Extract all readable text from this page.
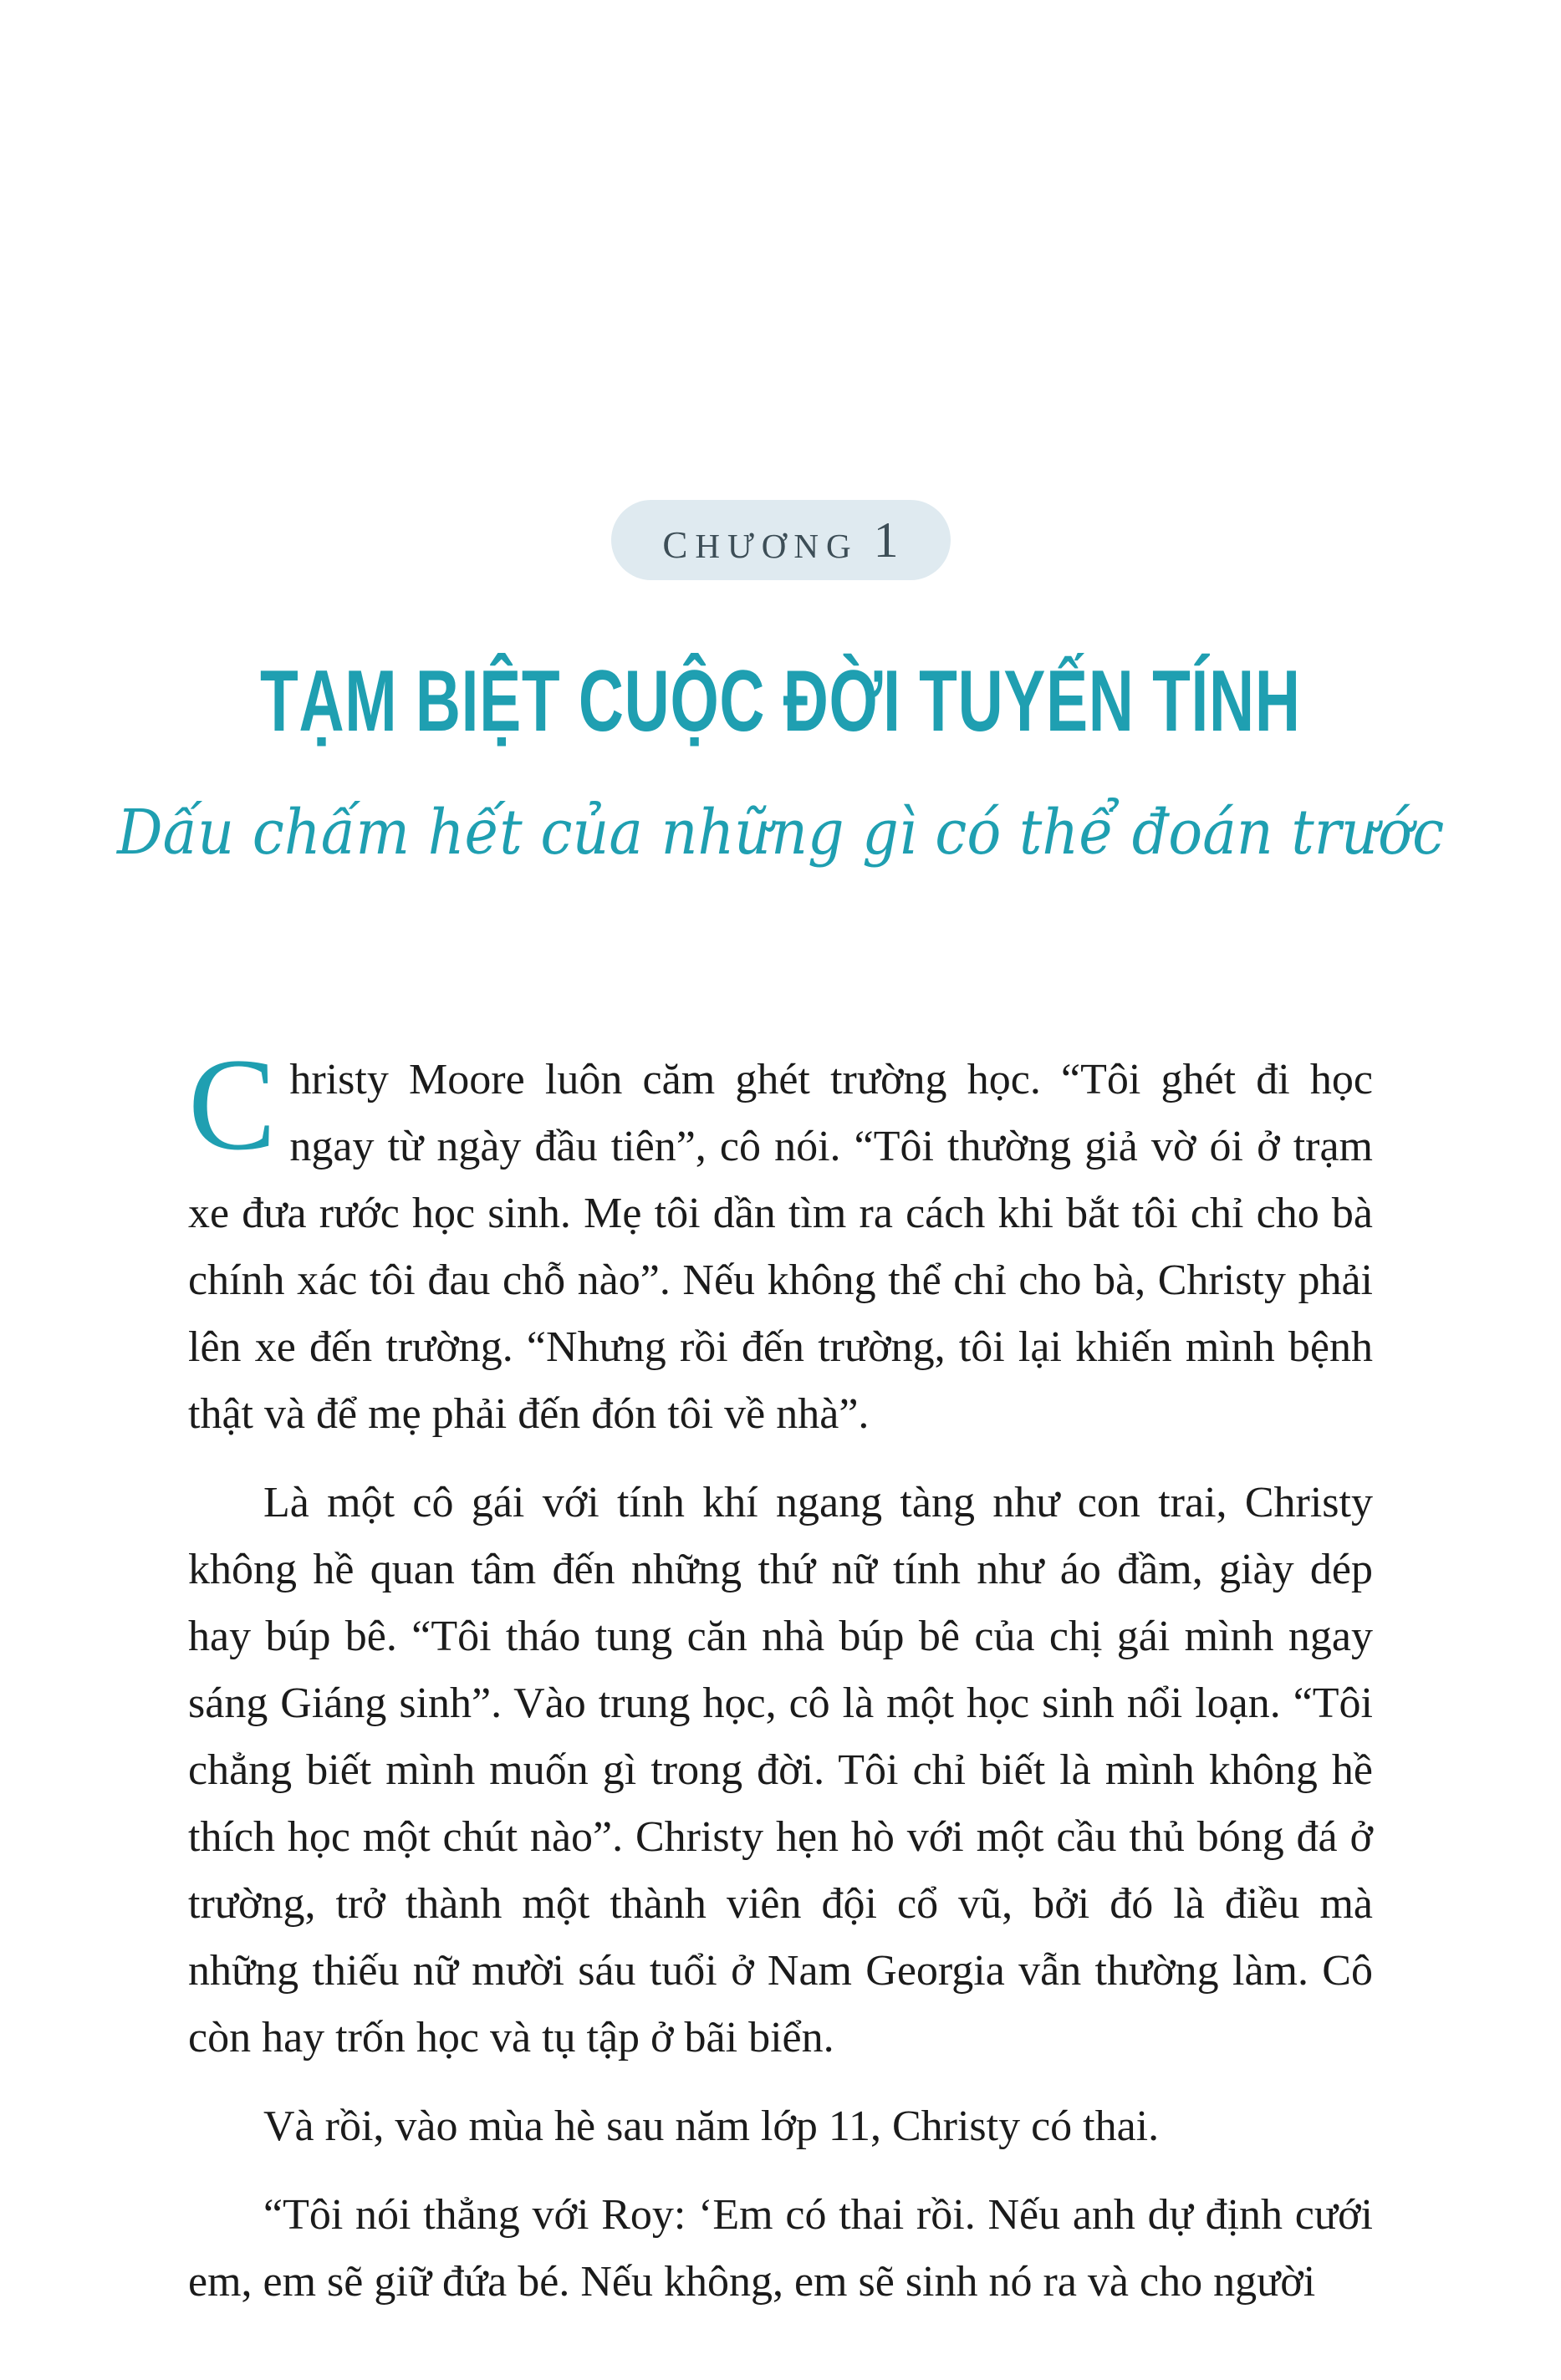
chương 1
TẠM BIỆT CUỘC ĐỜI TUYẾN TÍNH
Dấu chấm hết của những gì có thể đoán trước

Christy Moore luôn căm ghét trường học. “Tôi ghét đi học ngay từ ngày đầu tiên”, cô nói. “Tôi thường giả vờ ói ở trạm xe đưa rước học sinh. Mẹ tôi dần tìm ra cách khi bắt tôi chỉ cho bà chính xác tôi đau chỗ nào”. Nếu không thể chỉ cho bà, Christy phải lên xe đến trường. “Nhưng rồi đến trường, tôi lại khiến mình bệnh thật và để mẹ phải đến đón tôi về nhà”.

Là một cô gái với tính khí ngang tàng như con trai, Christy không hề quan tâm đến những thứ nữ tính như áo đầm, giày dép hay búp bê. “Tôi tháo tung căn nhà búp bê của chị gái mình ngay sáng Giáng sinh”. Vào trung học, cô là một học sinh nổi loạn. “Tôi chẳng biết mình muốn gì trong đời. Tôi chỉ biết là mình không hề thích học một chút nào”. Christy hẹn hò với một cầu thủ bóng đá ở trường, trở thành một thành viên đội cổ vũ, bởi đó là điều mà những thiếu nữ mười sáu tuổi ở Nam Georgia vẫn thường làm. Cô còn hay trốn học và tụ tập ở bãi biển.

Và rồi, vào mùa hè sau năm lớp 11, Christy có thai.

“Tôi nói thẳng với Roy: ‘Em có thai rồi. Nếu anh dự định cưới em, em sẽ giữ đứa bé. Nếu không, em sẽ sinh nó ra và cho người
